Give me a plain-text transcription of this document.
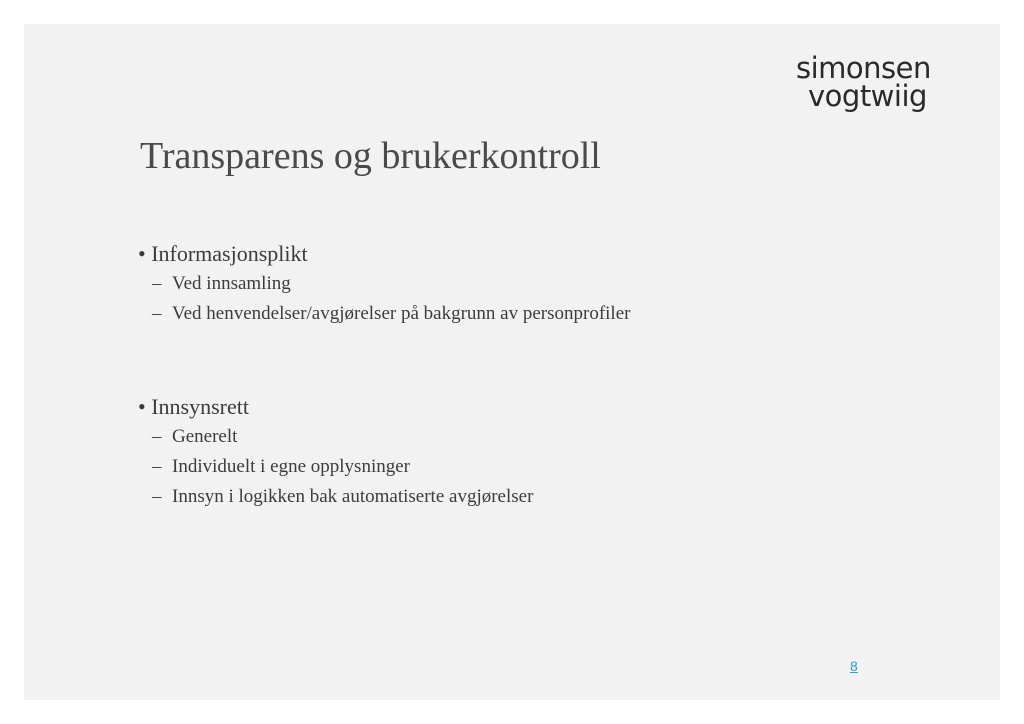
simonsen
vogtwiig
Transparens og brukerkontroll
• Informasjonsplikt
– Ved innsamling
– Ved henvendelser/avgjørelser på bakgrunn av personprofiler
• Innsynsrett
– Generelt
– Individuelt i egne opplysninger
– Innsyn i logikken bak automatiserte avgjørelser
8
